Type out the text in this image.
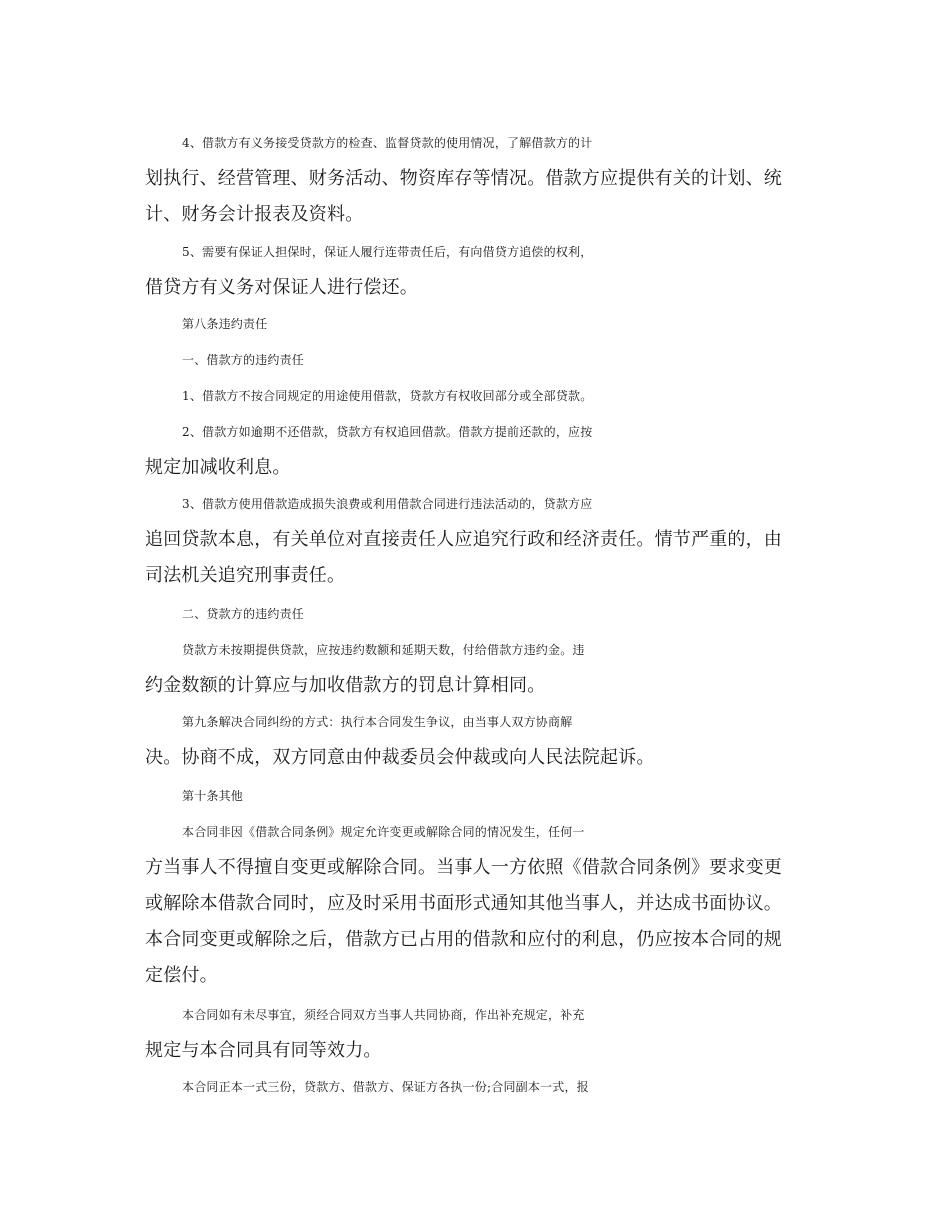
4、借款方有义务接受贷款方的检查、监督贷款的使用情况，了解借款方的计
划执行、经营管理、财务活动、物资库存等情况。借款方应提供有关的计划、统
计、财务会计报表及资料。

5、需要有保证人担保时，保证人履行连带责任后，有向借贷方追偿的权利，
借贷方有义务对保证人进行偿还。

第八条违约责任

一、借款方的违约责任

1、借款方不按合同规定的用途使用借款，贷款方有权收回部分或全部贷款。

2、借款方如逾期不还借款，贷款方有权追回借款。借款方提前还款的，应按
规定加减收利息。

3、借款方使用借款造成损失浪费或利用借款合同进行违法活动的，贷款方应
追回贷款本息，有关单位对直接责任人应追究行政和经济责任。情节严重的，由
司法机关追究刑事责任。

二、贷款方的违约责任

贷款方未按期提供贷款，应按违约数额和延期天数，付给借款方违约金。违
约金数额的计算应与加收借款方的罚息计算相同。

第九条解决合同纠纷的方式：执行本合同发生争议，由当事人双方协商解
决。协商不成，双方同意由仲裁委员会仲裁或向人民法院起诉。

第十条其他

本合同非因《借款合同条例》规定允许变更或解除合同的情况发生，任何一
方当事人不得擅自变更或解除合同。当事人一方依照《借款合同条例》要求变更
或解除本借款合同时，应及时采用书面形式通知其他当事人，并达成书面协议。
本合同变更或解除之后，借款方已占用的借款和应付的利息，仍应按本合同的规
定偿付。

本合同如有未尽事宜，须经合同双方当事人共同协商，作出补充规定，补充
规定与本合同具有同等效力。

本合同正本一式三份，贷款方、借款方、保证方各执一份;合同副本一式，报
